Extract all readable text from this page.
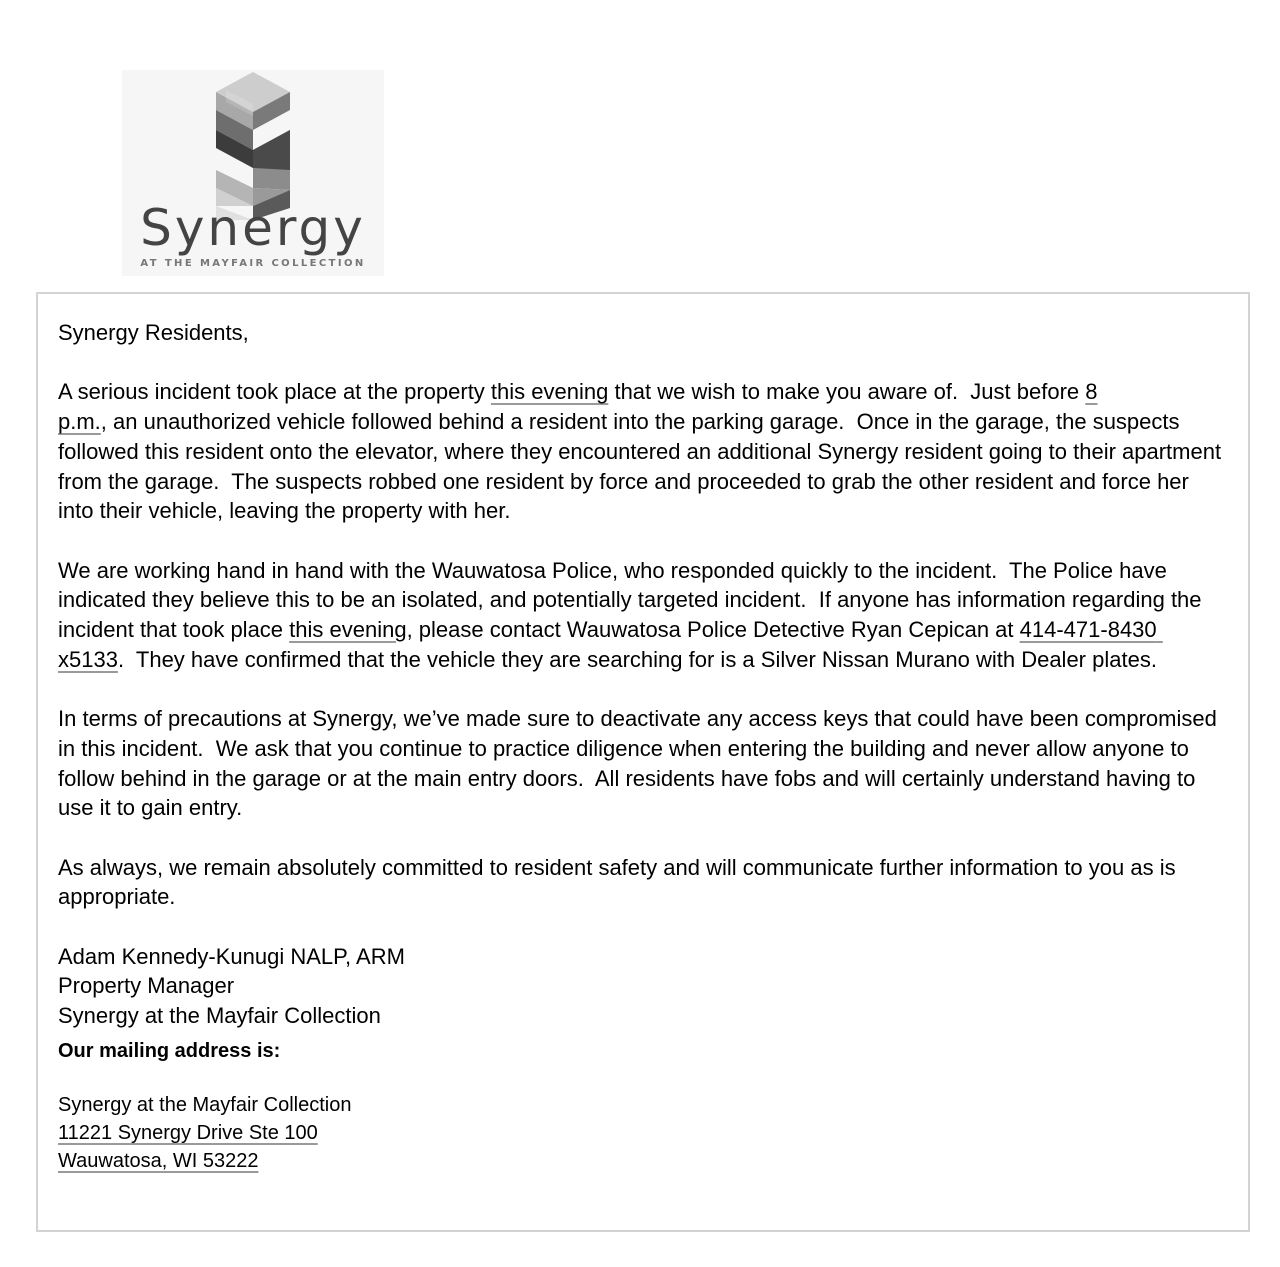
Synergy
AT THE MAYFAIR COLLECTION

Synergy Residents,

A serious incident took place at the property this evening that we wish to make you aware of.  Just before 8
p.m., an unauthorized vehicle followed behind a resident into the parking garage.  Once in the garage, the suspects followed this resident onto the elevator, where they encountered an additional Synergy resident going to their apartment from the garage.  The suspects robbed one resident by force and proceeded to grab the other resident and force her into their vehicle, leaving the property with her.

We are working hand in hand with the Wauwatosa Police, who responded quickly to the incident.  The Police have indicated they believe this to be an isolated, and potentially targeted incident.  If anyone has information regarding the incident that took place this evening, please contact Wauwatosa Police Detective Ryan Cepican at 414-471-8430 x5133.  They have confirmed that the vehicle they are searching for is a Silver Nissan Murano with Dealer plates.

In terms of precautions at Synergy, we’ve made sure to deactivate any access keys that could have been compromised in this incident.  We ask that you continue to practice diligence when entering the building and never allow anyone to follow behind in the garage or at the main entry doors.  All residents have fobs and will certainly understand having to use it to gain entry.

As always, we remain absolutely committed to resident safety and will communicate further information to you as is appropriate.

Adam Kennedy-Kunugi NALP, ARM

Property Manager

Synergy at the Mayfair Collection

Our mailing address is:

Synergy at the Mayfair Collection

11221 Synergy Drive Ste 100

Wauwatosa, WI 53222
